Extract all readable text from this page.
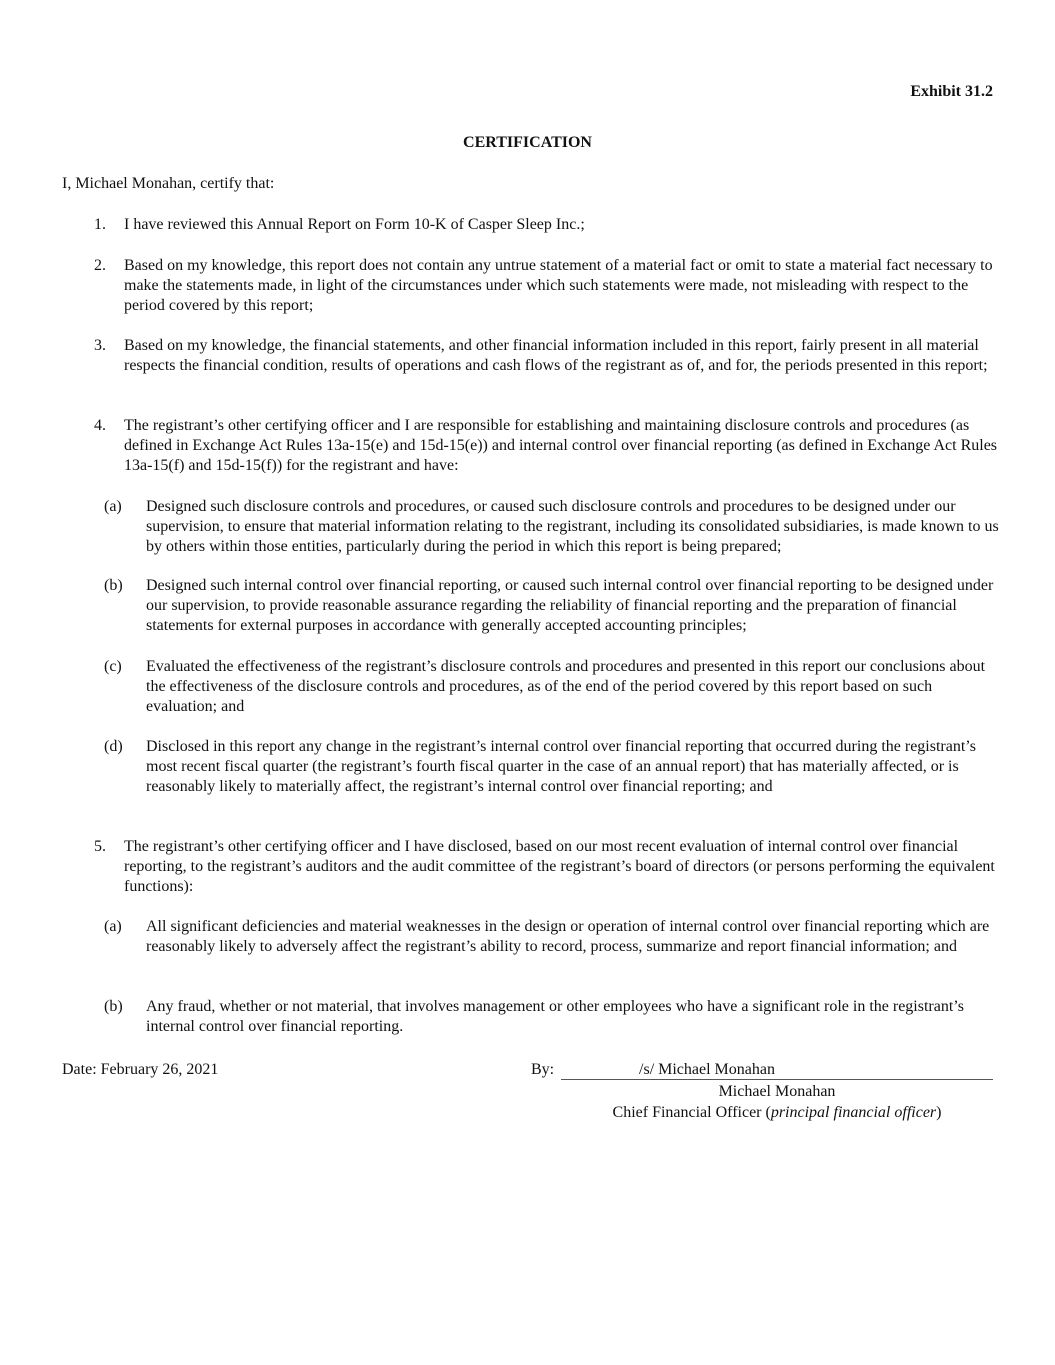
Exhibit 31.2
CERTIFICATION
I, Michael Monahan, certify that:
1. I have reviewed this Annual Report on Form 10-K of Casper Sleep Inc.;
2. Based on my knowledge, this report does not contain any untrue statement of a material fact or omit to state a material fact necessary to make the statements made, in light of the circumstances under which such statements were made, not misleading with respect to the period covered by this report;
3. Based on my knowledge, the financial statements, and other financial information included in this report, fairly present in all material respects the financial condition, results of operations and cash flows of the registrant as of, and for, the periods presented in this report;
4. The registrant’s other certifying officer and I are responsible for establishing and maintaining disclosure controls and procedures (as defined in Exchange Act Rules 13a-15(e) and 15d-15(e)) and internal control over financial reporting (as defined in Exchange Act Rules 13a-15(f) and 15d-15(f)) for the registrant and have:
(a) Designed such disclosure controls and procedures, or caused such disclosure controls and procedures to be designed under our supervision, to ensure that material information relating to the registrant, including its consolidated subsidiaries, is made known to us by others within those entities, particularly during the period in which this report is being prepared;
(b) Designed such internal control over financial reporting, or caused such internal control over financial reporting to be designed under our supervision, to provide reasonable assurance regarding the reliability of financial reporting and the preparation of financial statements for external purposes in accordance with generally accepted accounting principles;
(c) Evaluated the effectiveness of the registrant’s disclosure controls and procedures and presented in this report our conclusions about the effectiveness of the disclosure controls and procedures, as of the end of the period covered by this report based on such evaluation; and
(d) Disclosed in this report any change in the registrant’s internal control over financial reporting that occurred during the registrant’s most recent fiscal quarter (the registrant’s fourth fiscal quarter in the case of an annual report) that has materially affected, or is reasonably likely to materially affect, the registrant’s internal control over financial reporting; and
5. The registrant’s other certifying officer and I have disclosed, based on our most recent evaluation of internal control over financial reporting, to the registrant’s auditors and the audit committee of the registrant’s board of directors (or persons performing the equivalent functions):
(a) All significant deficiencies and material weaknesses in the design or operation of internal control over financial reporting which are reasonably likely to adversely affect the registrant’s ability to record, process, summarize and report financial information; and
(b) Any fraud, whether or not material, that involves management or other employees who have a significant role in the registrant’s internal control over financial reporting.
Date: February 26, 2021	By:	/s/ Michael Monahan
Michael Monahan
Chief Financial Officer (principal financial officer)
